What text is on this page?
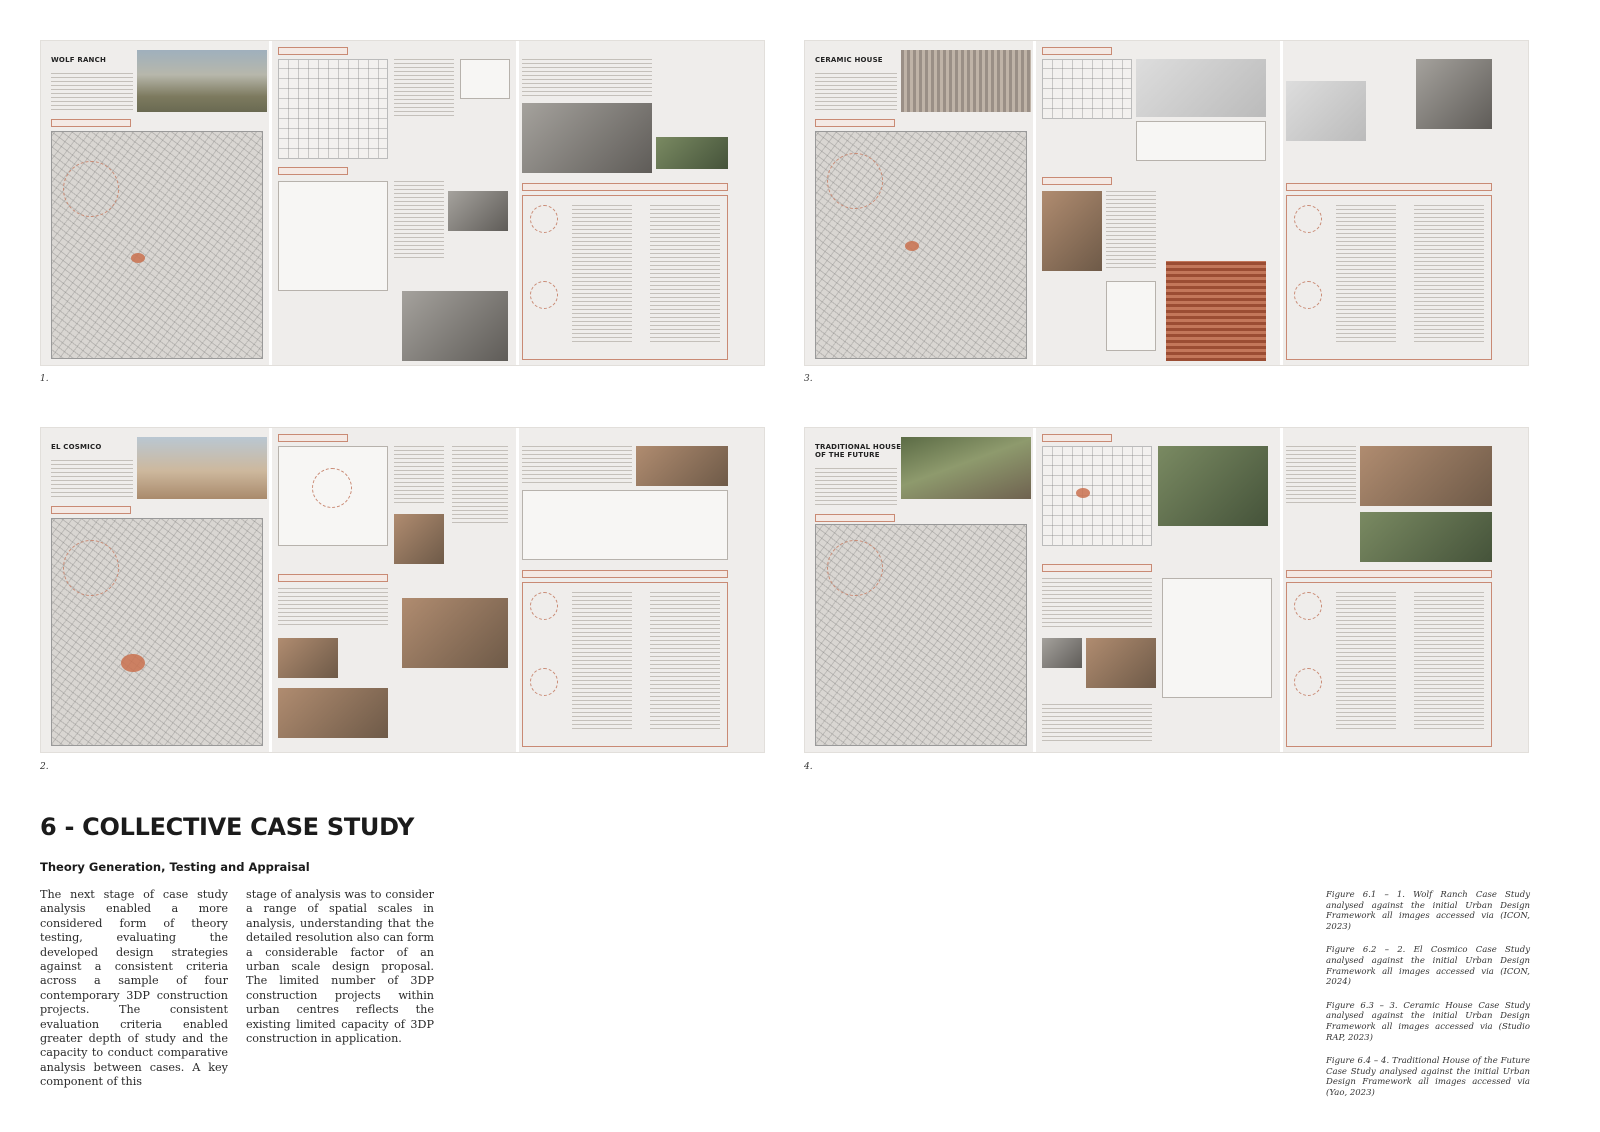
WOLF RANCH
1.
CERAMIC HOUSE
3.
EL COSMICO
2.
TRADITIONAL HOUSE OF THE FUTURE
4.
6 - COLLECTIVE CASE STUDY
Theory Generation, Testing and Appraisal

The next stage of case study analysis enabled a more considered form of theory testing, evaluating the developed design strategies against a consistent criteria across a sample of four contemporary 3DP construction projects. The consistent evaluation criteria enabled greater depth of study and the capacity to conduct comparative analysis between cases. A key component of this

stage of analysis was to consider a range of spatial scales in analysis, understanding that the detailed resolution also can form a considerable factor of an urban scale design proposal. The limited number of 3DP construction projects within urban centres reflects the existing limited capacity of 3DP construction in application.

Figure 6.1 – 1. Wolf Ranch Case Study analysed against the initial Urban Design Framework all images accessed via (ICON, 2023)

Figure 6.2 – 2. El Cosmico Case Study analysed against the initial Urban Design Framework all images accessed via (ICON, 2024)

Figure 6.3 – 3. Ceramic House Case Study analysed against the initial Urban Design Framework all images accessed via (Studio RAP, 2023)

Figure 6.4 – 4. Traditional House of the Future Case Study analysed against the initial Urban Design Framework all images accessed via (Yao, 2023)
